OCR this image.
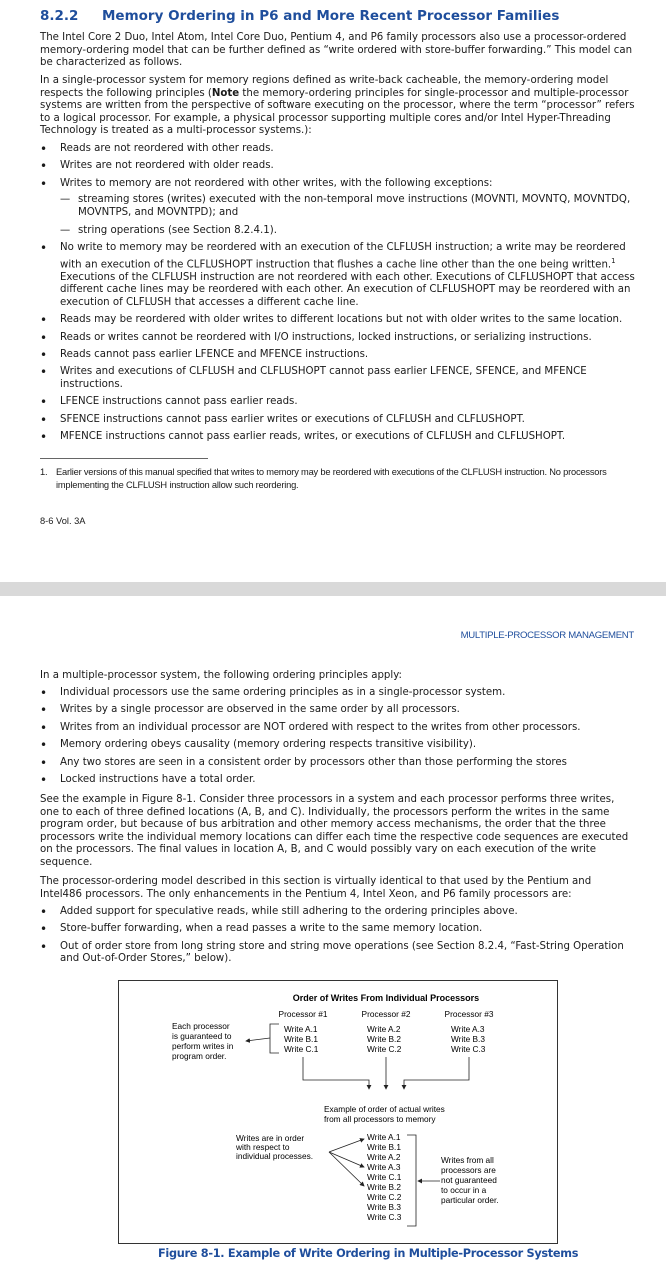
8.2.2 Memory Ordering in P6 and More Recent Processor Families

The Intel Core 2 Duo, Intel Atom, Intel Core Duo, Pentium 4, and P6 family processors also use a processor-ordered memory-ordering model that can be further defined as “write ordered with store-buffer forwarding.” This model can be characterized as follows.

In a single-processor system for memory regions defined as write-back cacheable, the memory-ordering model respects the following principles (Note the memory-ordering principles for single-processor and multiple-processor systems are written from the perspective of software executing on the processor, where the term “processor” refers to a logical processor. For example, a physical processor supporting multiple cores and/or Intel Hyper-Threading Technology is treated as a multi-processor systems.):

• Reads are not reordered with other reads.
• Writes are not reordered with older reads.
• Writes to memory are not reordered with other writes, with the following exceptions:
— streaming stores (writes) executed with the non-temporal move instructions (MOVNTI, MOVNTQ, MOVNTDQ, MOVNTPS, and MOVNTPD); and
— string operations (see Section 8.2.4.1).
• No write to memory may be reordered with an execution of the CLFLUSH instruction; a write may be reordered with an execution of the CLFLUSHOPT instruction that flushes a cache line other than the one being written.$^1$ Executions of the CLFLUSH instruction are not reordered with each other. Executions of CLFLUSHOPT that access different cache lines may be reordered with each other. An execution of CLFLUSHOPT may be reordered with an execution of CLFLUSH that accesses a different cache line.
• Reads may be reordered with older writes to different locations but not with older writes to the same location.
• Reads or writes cannot be reordered with I/O instructions, locked instructions, or serializing instructions.
• Reads cannot pass earlier LFENCE and MFENCE instructions.
• Writes and executions of CLFLUSH and CLFLUSHOPT cannot pass earlier LFENCE, SFENCE, and MFENCE instructions.
• LFENCE instructions cannot pass earlier reads.
• SFENCE instructions cannot pass earlier writes or executions of CLFLUSH and CLFLUSHOPT.
• MFENCE instructions cannot pass earlier reads, writes, or executions of CLFLUSH and CLFLUSHOPT.
1. Earlier versions of this manual specified that writes to memory may be reordered with executions of the CLFLUSH instruction. No processors implementing the CLFLUSH instruction allow such reordering.
8-6 Vol. 3A
MULTIPLE-PROCESSOR MANAGEMENT

In a multiple-processor system, the following ordering principles apply:

• Individual processors use the same ordering principles as in a single-processor system.
• Writes by a single processor are observed in the same order by all processors.
• Writes from an individual processor are NOT ordered with respect to the writes from other processors.
• Memory ordering obeys causality (memory ordering respects transitive visibility).
• Any two stores are seen in a consistent order by processors other than those performing the stores
• Locked instructions have a total order.

See the example in Figure 8-1. Consider three processors in a system and each processor performs three writes, one to each of three defined locations (A, B, and C). Individually, the processors perform the writes in the same program order, but because of bus arbitration and other memory access mechanisms, the order that the three processors write the individual memory locations can differ each time the respective code sequences are executed on the processors. The final values in location A, B, and C would possibly vary on each execution of the write sequence.

The processor-ordering model described in this section is virtually identical to that used by the Pentium and Intel486 processors. The only enhancements in the Pentium 4, Intel Xeon, and P6 family processors are:

• Added support for speculative reads, while still adhering to the ordering principles above.
• Store-buffer forwarding, when a read passes a write to the same memory location.
• Out of order store from long string store and string move operations (see Section 8.2.4, “Fast-String Operation and Out-of-Order Stores,” below).
Order of Writes From Individual Processors
Processor #1	Processor #2	Processor #3
Write A.1
Write B.1
Write C.1
Write A.2
Write B.2
Write C.2
Write A.3
Write B.3
Write C.3
Each processor
is guaranteed to
perform writes in
program order.
Example of order of actual writes
from all processors to memory
Writes are in order
with respect to
individual processes.
Write A.1
Write B.1
Write A.2
Write A.3
Write C.1
Write B.2
Write C.2
Write B.3
Write C.3
Writes from all
processors are
not guaranteed
to occur in a
particular order.
Figure 8-1. Example of Write Ordering in Multiple-Processor Systems
